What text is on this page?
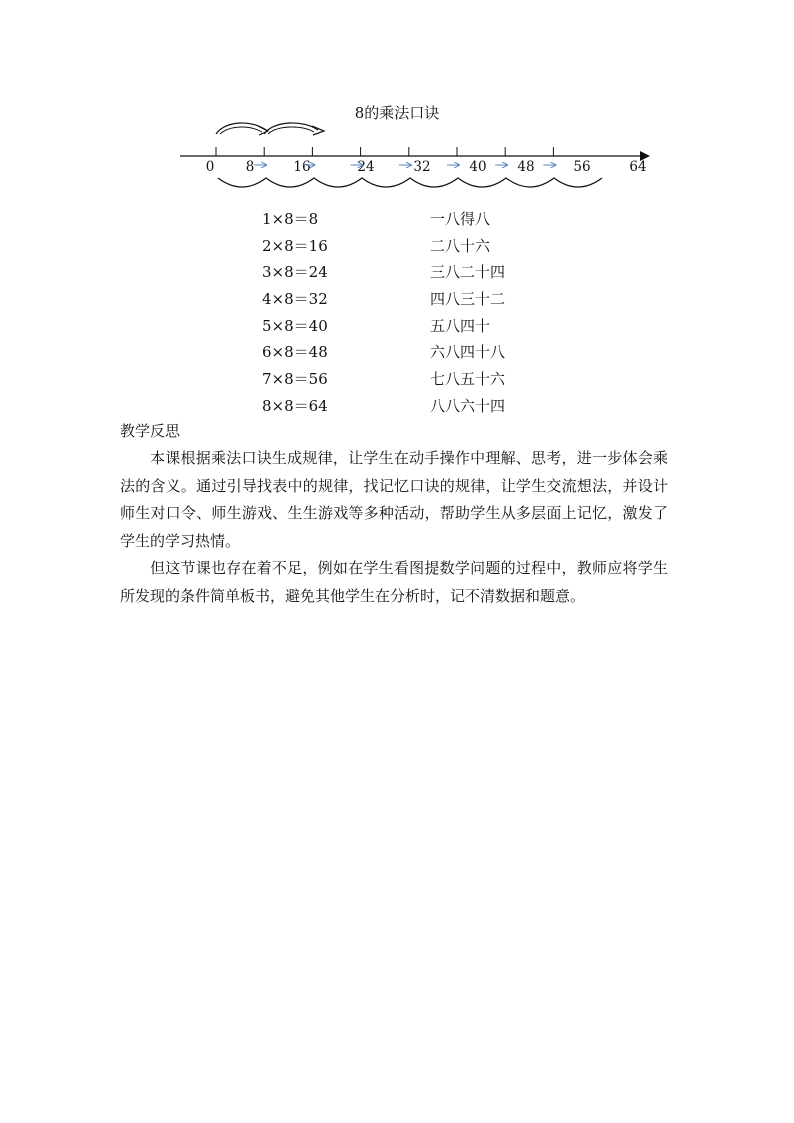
8的乘法口诀
0 8	16	24	32	40 48	56	64
1×8＝8	一八得八
2×8＝16	二八十六
3×8＝24	三八二十四
4×8＝32	四八三十二
5×8＝40	五八四十
6×8＝48	六八四十八
7×8＝56	七八五十六
8×8＝64	八八六十四
教学反思

本课根据乘法口诀生成规律，让学生在动手操作中理解、思考，进一步体会乘法的含义。通过引导找表中的规律，找记忆口诀的规律，让学生交流想法，并设计师生对口令、师生游戏、生生游戏等多种活动，帮助学生从多层面上记忆，激发了学生的学习热情。

但这节课也存在着不足，例如在学生看图提数学问题的过程中，教师应将学生所发现的条件简单板书，避免其他学生在分析时，记不清数据和题意。
